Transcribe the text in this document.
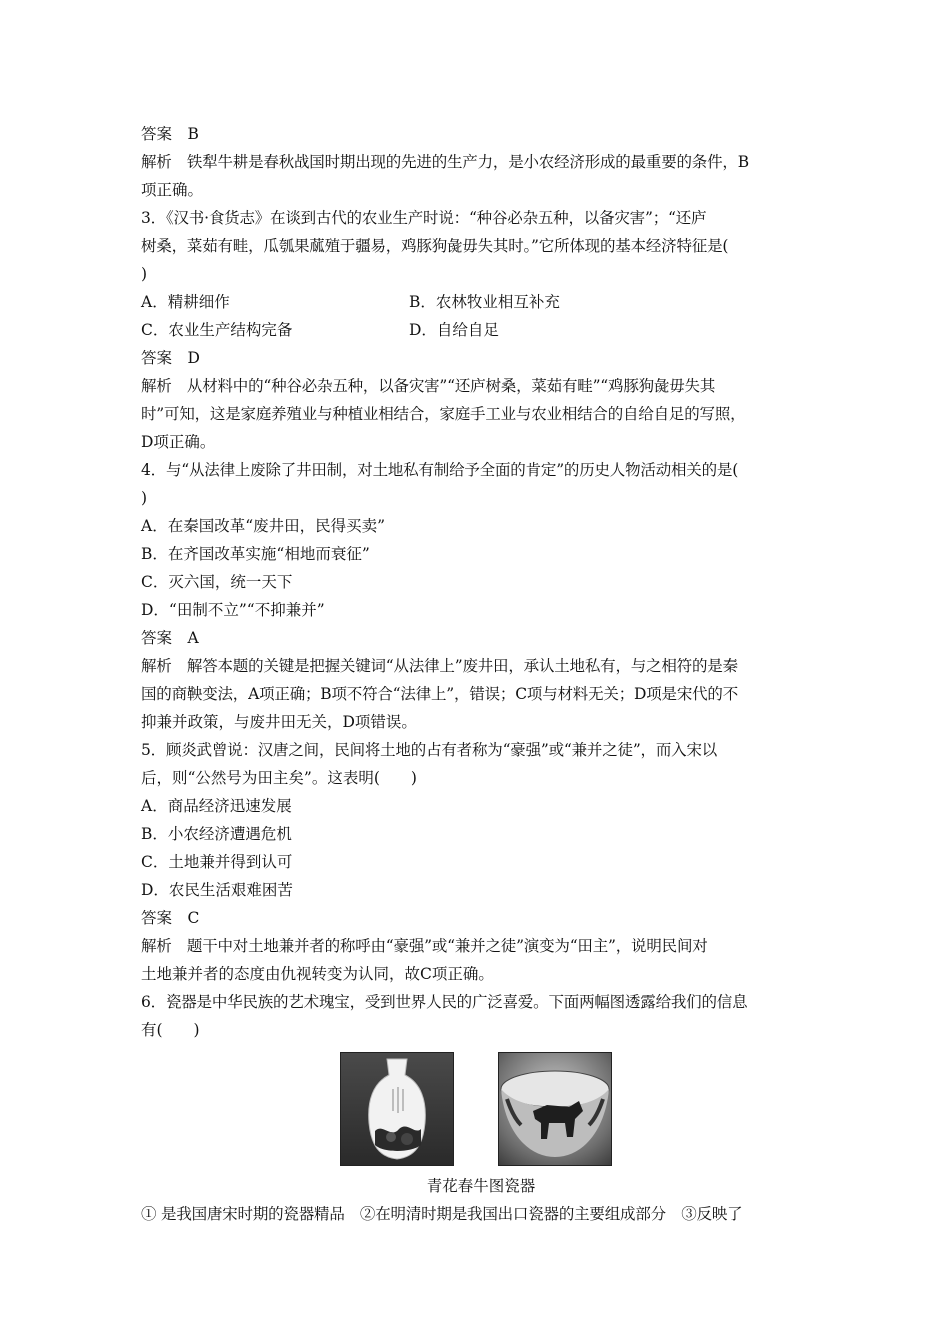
答案　B
解析　铁犁牛耕是春秋战国时期出现的先进的生产力，是小农经济形成的最重要的条件，B
项正确。
3．《汉书·食货志》在谈到古代的农业生产时说：“种谷必杂五种，以备灾害”；“还庐
树桑，菜茹有畦，瓜瓠果蓏殖于疆易，鸡豚狗彘毋失其时。”它所体现的基本经济特征是(
)
A．精耕细作	B．农林牧业相互补充
C．农业生产结构完备	D．自给自足
答案　D
解析　从材料中的“种谷必杂五种，以备灾害”“还庐树桑，菜茹有畦”“鸡豚狗彘毋失其
时”可知，这是家庭养殖业与种植业相结合，家庭手工业与农业相结合的自给自足的写照，
D项正确。
4．与“从法律上废除了井田制，对土地私有制给予全面的肯定”的历史人物活动相关的是(
)
A．在秦国改革“废井田，民得买卖”
B．在齐国改革实施“相地而衰征”
C．灭六国，统一天下
D．“田制不立”“不抑兼并”
答案　A
解析　解答本题的关键是把握关键词“从法律上”废井田，承认土地私有，与之相符的是秦
国的商鞅变法，A项正确；B项不符合“法律上”，错误；C项与材料无关；D项是宋代的不
抑兼并政策，与废井田无关，D项错误。
5．顾炎武曾说：汉唐之间，民间将土地的占有者称为“豪强”或“兼并之徒”，而入宋以
后，则“公然号为田主矣”。这表明(　　)
A．商品经济迅速发展
B．小农经济遭遇危机
C．土地兼并得到认可
D．农民生活艰难困苦
答案　C
解析　题干中对土地兼并者的称呼由“豪强”或“兼并之徒”演变为“田主”，说明民间对
土地兼并者的态度由仇视转变为认同，故C项正确。
6．瓷器是中华民族的艺术瑰宝，受到世界人民的广泛喜爱。下面两幅图透露给我们的信息
有(　　)
青花春牛图瓷器
① 是我国唐宋时期的瓷器精品　②在明清时期是我国出口瓷器的主要组成部分　③反映了
